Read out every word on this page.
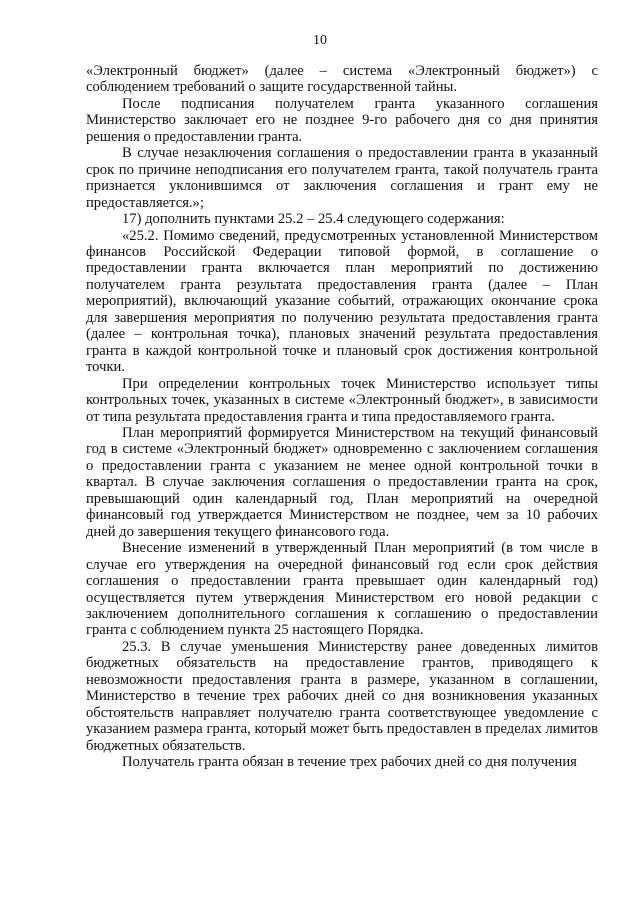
10

«Электронный бюджет» (далее – система «Электронный бюджет») с соблюдением требований о защите государственной тайны.

После подписания получателем гранта указанного соглашения Министерство заключает его не позднее 9-го рабочего дня со дня принятия решения о предоставлении гранта.

В случае незаключения соглашения о предоставлении гранта в указанный срок по причине неподписания его получателем гранта, такой получатель гранта признается уклонившимся от заключения соглашения и грант ему не предоставляется.»;

17) дополнить пунктами 25.2 – 25.4 следующего содержания:

«25.2. Помимо сведений, предусмотренных установленной Министерством финансов Российской Федерации типовой формой, в соглашение о предоставлении гранта включается план мероприятий по достижению получателем гранта результата предоставления гранта (далее – План мероприятий), включающий указание событий, отражающих окончание срока для завершения мероприятия по получению результата предоставления гранта (далее – контрольная точка), плановых значений результата предоставления гранта в каждой контрольной точке и плановый срок достижения контрольной точки.

При определении контрольных точек Министерство использует типы контрольных точек, указанных в системе «Электронный бюджет», в зависимости от типа результата предоставления гранта и типа предоставляемого гранта.

План мероприятий формируется Министерством на текущий финансовый год в системе «Электронный бюджет» одновременно с заключением соглашения о предоставлении гранта с указанием не менее одной контрольной точки в квартал. В случае заключения соглашения о предоставлении гранта на срок, превышающий один календарный год, План мероприятий на очередной финансовый год утверждается Министерством не позднее, чем за 10 рабочих дней до завершения текущего финансового года.

Внесение изменений в утвержденный План мероприятий (в том числе в случае его утверждения на очередной финансовый год если срок действия соглашения о предоставлении гранта превышает один календарный год) осуществляется путем утверждения Министерством его новой редакции с заключением дополнительного соглашения к соглашению о предоставлении гранта с соблюдением пункта 25 настоящего Порядка.

25.3. В случае уменьшения Министерству ранее доведенных лимитов бюджетных обязательств на предоставление грантов, приводящего к невозможности предоставления гранта в размере, указанном в соглашении, Министерство в течение трех рабочих дней со дня возникновения указанных обстоятельств направляет получателю гранта соответствующее уведомление с указанием размера гранта, который может быть предоставлен в пределах лимитов бюджетных обязательств.

Получатель гранта обязан в течение трех рабочих дней со дня получения
